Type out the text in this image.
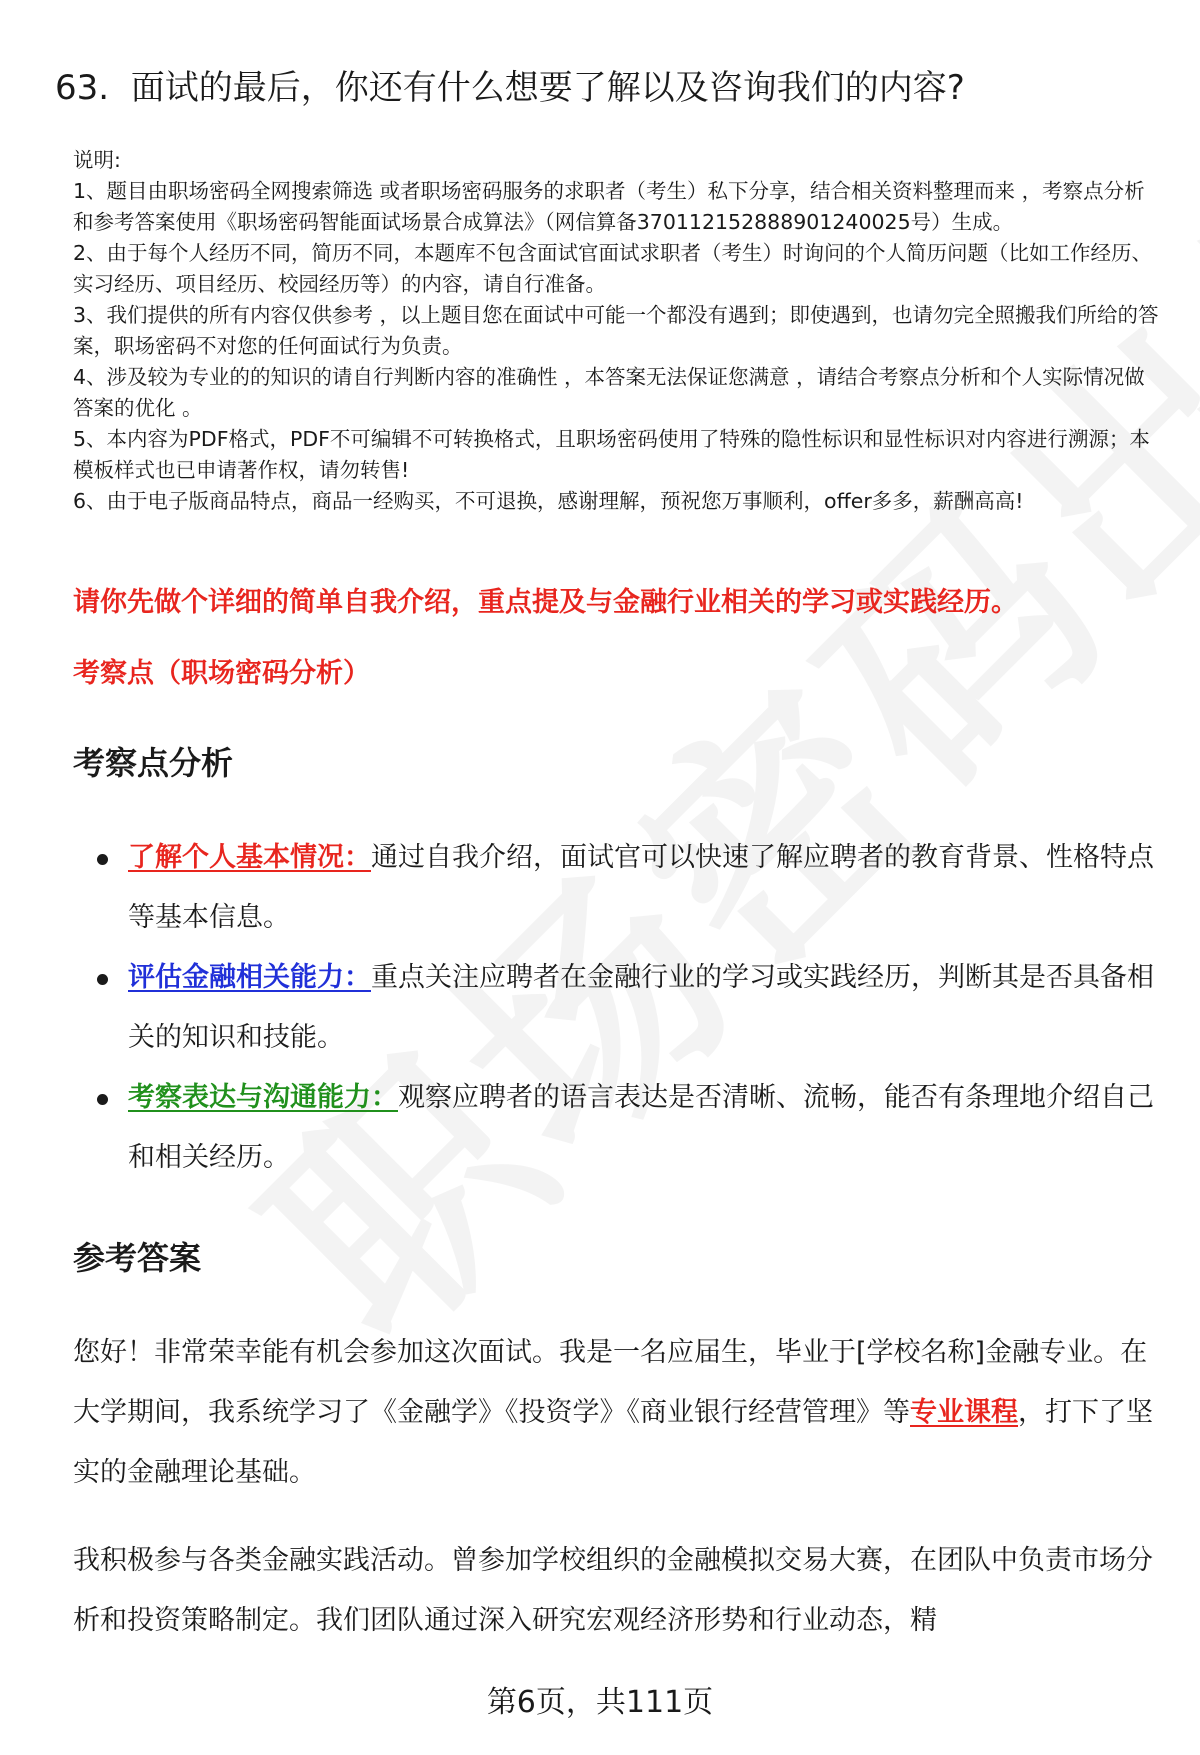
63. 面试的最后，你还有什么想要了解以及咨询我们的内容?
说明:
1、题目由职场密码全网搜索筛选 或者职场密码服务的求职者（考生）私下分享，结合相关资料整理而来 ，考察点分析和参考答案使用《职场密码智能面试场景合成算法》（网信算备370112152888901240025号）生成。
2、由于每个人经历不同，简历不同，本题库不包含面试官面试求职者（考生）时询问的个人简历问题（比如工作经历、实习经历、项目经历、校园经历等）的内容，请自行准备。
3、我们提供的所有内容仅供参考 ，以上题目您在面试中可能一个都没有遇到；即使遇到，也请勿完全照搬我们所给的答案，职场密码不对您的任何面试行为负责。
4、涉及较为专业的的知识的请自行判断内容的准确性 ，本答案无法保证您满意 ，请结合考察点分析和个人实际情况做答案的优化 。
5、本内容为PDF格式，PDF不可编辑不可转换格式，且职场密码使用了特殊的隐性标识和显性标识对内容进行溯源；本模板样式也已申请著作权，请勿转售!
6、由于电子版商品特点，商品一经购买，不可退换，感谢理解，预祝您万事顺利，offer多多，薪酬高高!
请你先做个详细的简单自我介绍，重点提及与金融行业相关的学习或实践经历。
考察点（职场密码分析）
考察点分析
了解个人基本情况：通过自我介绍，面试官可以快速了解应聘者的教育背景、性格特点等基本信息。
评估金融相关能力：重点关注应聘者在金融行业的学习或实践经历，判断其是否具备相关的知识和技能。
考察表达与沟通能力：观察应聘者的语言表达是否清晰、流畅，能否有条理地介绍自己和相关经历。
参考答案

您好！非常荣幸能有机会参加这次面试。我是一名应届生，毕业于[学校名称]金融专业。在大学期间，我系统学习了《金融学》《投资学》《商业银行经营管理》等专业课程，打下了坚实的金融理论基础。

我积极参与各类金融实践活动。曾参加学校组织的金融模拟交易大赛，在团队中负责市场分析和投资策略制定。我们团队通过深入研究宏观经济形势和行业动态，精

第6页，共111页
